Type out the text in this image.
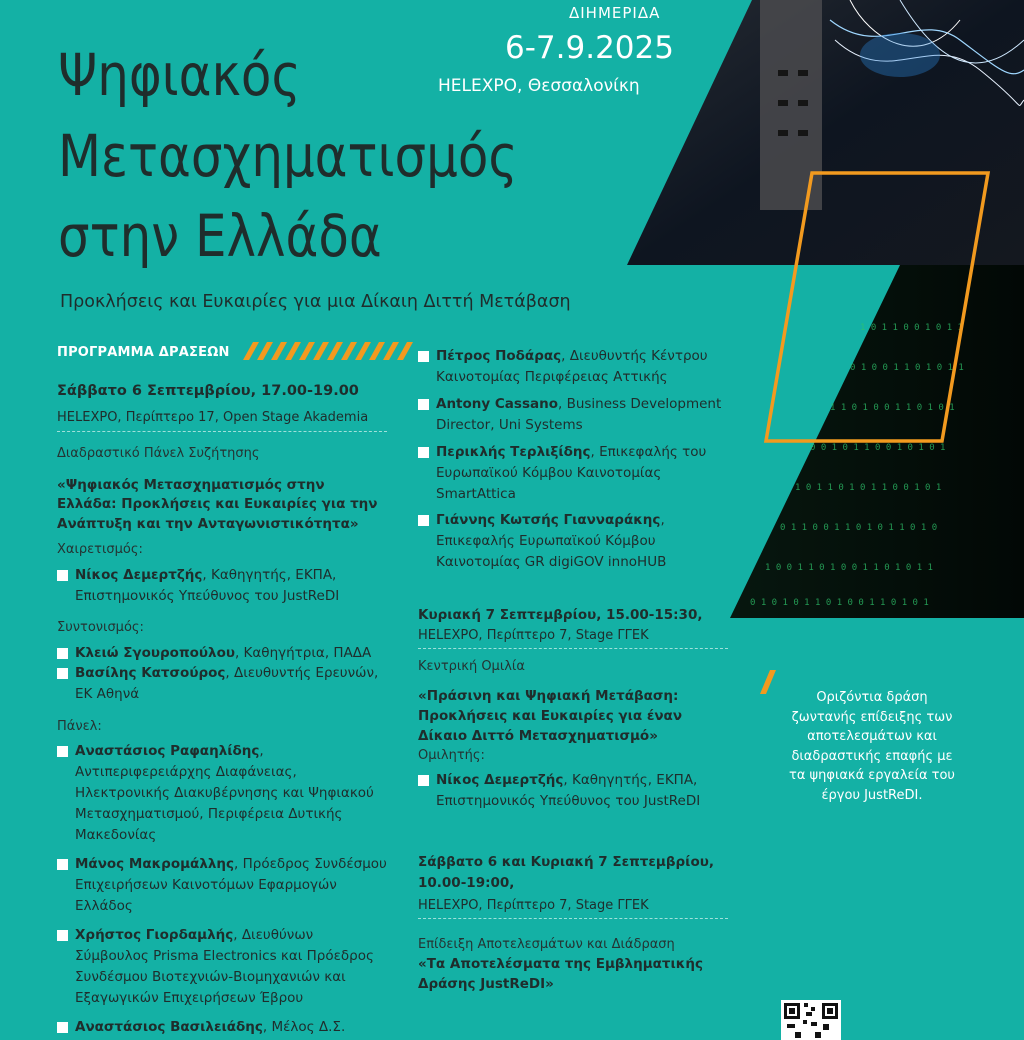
ΔΙΗΜΕΡΙΔΑ
6-7.9.2025
HELEXPO, Θεσσαλονίκη
Ψηφιακός
Μετασχηματισμός
στην Ελλάδα
Προκλήσεις και Ευκαιρίες για μια Δίκαιη Διττή Μετάβαση
1 0 1 1 0 0 1 0 1 1
0 1 0 0 1 1 0 1 0 1 1
1 1 0 1 0 0 1 1 0 1 0 1
0 0 1 0 1 1 0 0 1 0 1 0 1
1 0 1 1 0 1 0 1 1 0 0 1 0 1
0 1 1 0 0 1 1 0 1 0 1 1 0 1 0
1 0 0 1 1 0 1 0 0 1 1 0 1 0 1 1
0 1 0 1 0 1 1 0 1 0 0 1 1 0 1 0 1
ΠΡΟΓΡΑΜΜΑ ΔΡΑΣΕΩΝ
Σάββατο 6 Σεπτεμβρίου, 17.00-19.00
HELEXPO, Περίπτερο 17, Open Stage Akademia
Διαδραστικό Πάνελ Συζήτησης
«Ψηφιακός Μετασχηματισμός στην Ελλάδα: Προκλήσεις και Ευκαιρίες για την Ανάπτυξη και την Ανταγωνιστικότητα»
Χαιρετισμός:
Νίκος Δεμερτζής, Καθηγητής, ΕΚΠΑ, Επιστημονικός Υπεύθυνος του JustReDI
Συντονισμός:
Κλειώ Σγουροπούλου, Καθηγήτρια, ΠΑΔΑ
Βασίλης Κατσούρος, Διευθυντής Ερευνών, ΕΚ Αθηνά
Πάνελ:
Αναστάσιος Ραφαηλίδης, Αντιπεριφερειάρχης Διαφάνειας, Ηλεκτρονικής Διακυβέρνησης και Ψηφιακού Μετασχηματισμού, Περιφέρεια Δυτικής Μακεδονίας
Μάνος Μακρομάλλης, Πρόεδρος Συνδέσμου Επιχειρήσεων Καινοτόμων Εφαρμογών Ελλάδος
Χρήστος Γιορδαμλής, Διευθύνων Σύμβουλος Prisma Electronics και Πρόεδρος Συνδέσμου Βιοτεχνιών-Βιομηχανιών και Εξαγωγικών Επιχειρήσεων Έβρου
Αναστάσιος Βασιλειάδης, Μέλος Δ.Σ.
Πέτρος Ποδάρας, Διευθυντής Κέντρου Καινοτομίας Περιφέρειας Αττικής
Antony Cassano, Business Development Director, Uni Systems
Περικλής Τερλιξίδης, Επικεφαλής του Ευρωπαϊκού Κόμβου Καινοτομίας SmartAttica
Γιάννης Κωτσής Γιανναράκης, Επικεφαλής Ευρωπαϊκού Κόμβου Καινοτομίας GR digiGOV innoHUB
Κυριακή 7 Σεπτεμβρίου, 15.00-15:30,
HELEXPO, Περίπτερο 7, Stage ΓΓΕΚ
Κεντρική Ομιλία
«Πράσινη και Ψηφιακή Μετάβαση: Προκλήσεις και Ευκαιρίες για έναν Δίκαιο Διττό Μετασχηματισμό»
Ομιλητής:
Νίκος Δεμερτζής, Καθηγητής, ΕΚΠΑ, Επιστημονικός Υπεύθυνος του JustReDI
Σάββατο 6 και Κυριακή 7 Σεπτεμβρίου, 10.00-19:00,
HELEXPO, Περίπτερο 7, Stage ΓΓΕΚ
Επίδειξη Αποτελεσμάτων και Διάδραση
«Τα Αποτελέσματα της Εμβληματικής Δράσης JustReDI»
Οριζόντια δράση ζωντανής επίδειξης των αποτελεσμάτων και διαδραστικής επαφής με τα ψηφιακά εργαλεία του έργου JustReDI.
